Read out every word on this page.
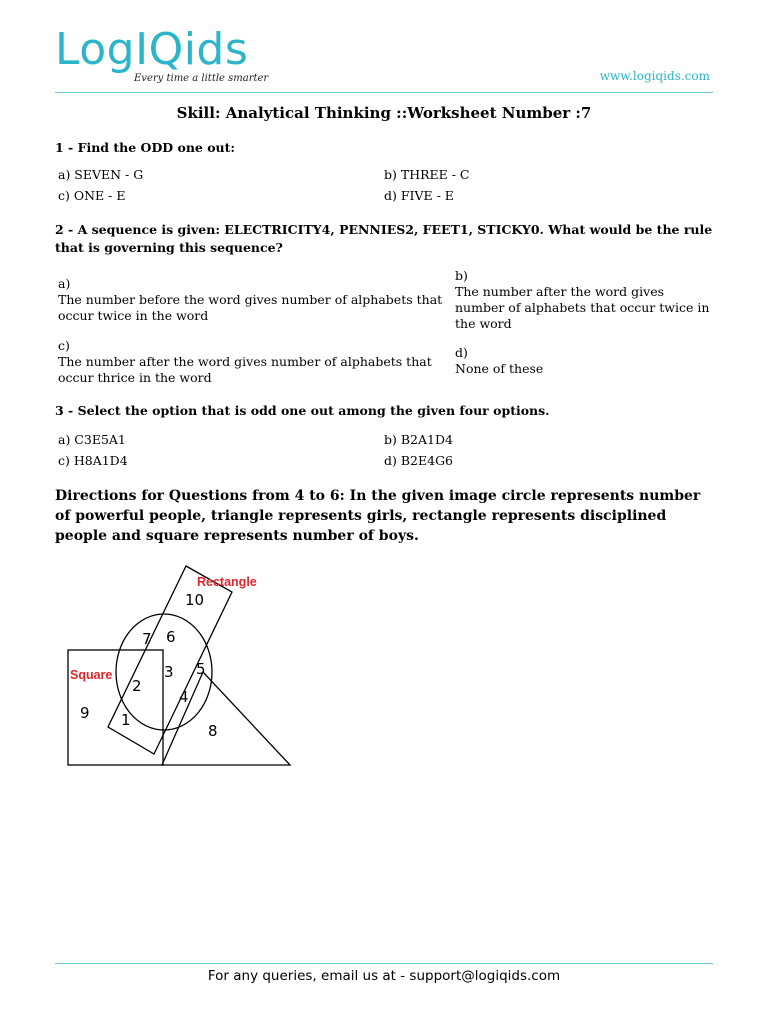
LogIQids
Every time a little smarter	www.logiqids.com
Skill: Analytical Thinking ::Worksheet Number :7
1 - Find the ODD one out:
a) SEVEN - G	b) THREE - C
c) ONE - E	d) FIVE - E
2 - A sequence is given: ELECTRICITY4, PENNIES2, FEET1, STICKY0. What would be the rule that is governing this sequence?
a)
The number before the word gives number of alphabets that occur twice in the word
b)
The number after the word gives number of alphabets that occur twice in the word
c)
The number after the word gives number of alphabets that occur thrice in the word
d)
None of these
3 - Select the option that is odd one out among the given four options.
a) C3E5A1	b) B2A1D4
c) H8A1D4	d) B2E4G6
Directions for Questions from 4 to 6: In the given image circle represents number of powerful people, triangle represents girls, rectangle represents disciplined people and square represents number of boys.
Rectangle
Square
10
7 6
3 5
2
4
9 1
8
For any queries, email us at - support@logiqids.com
